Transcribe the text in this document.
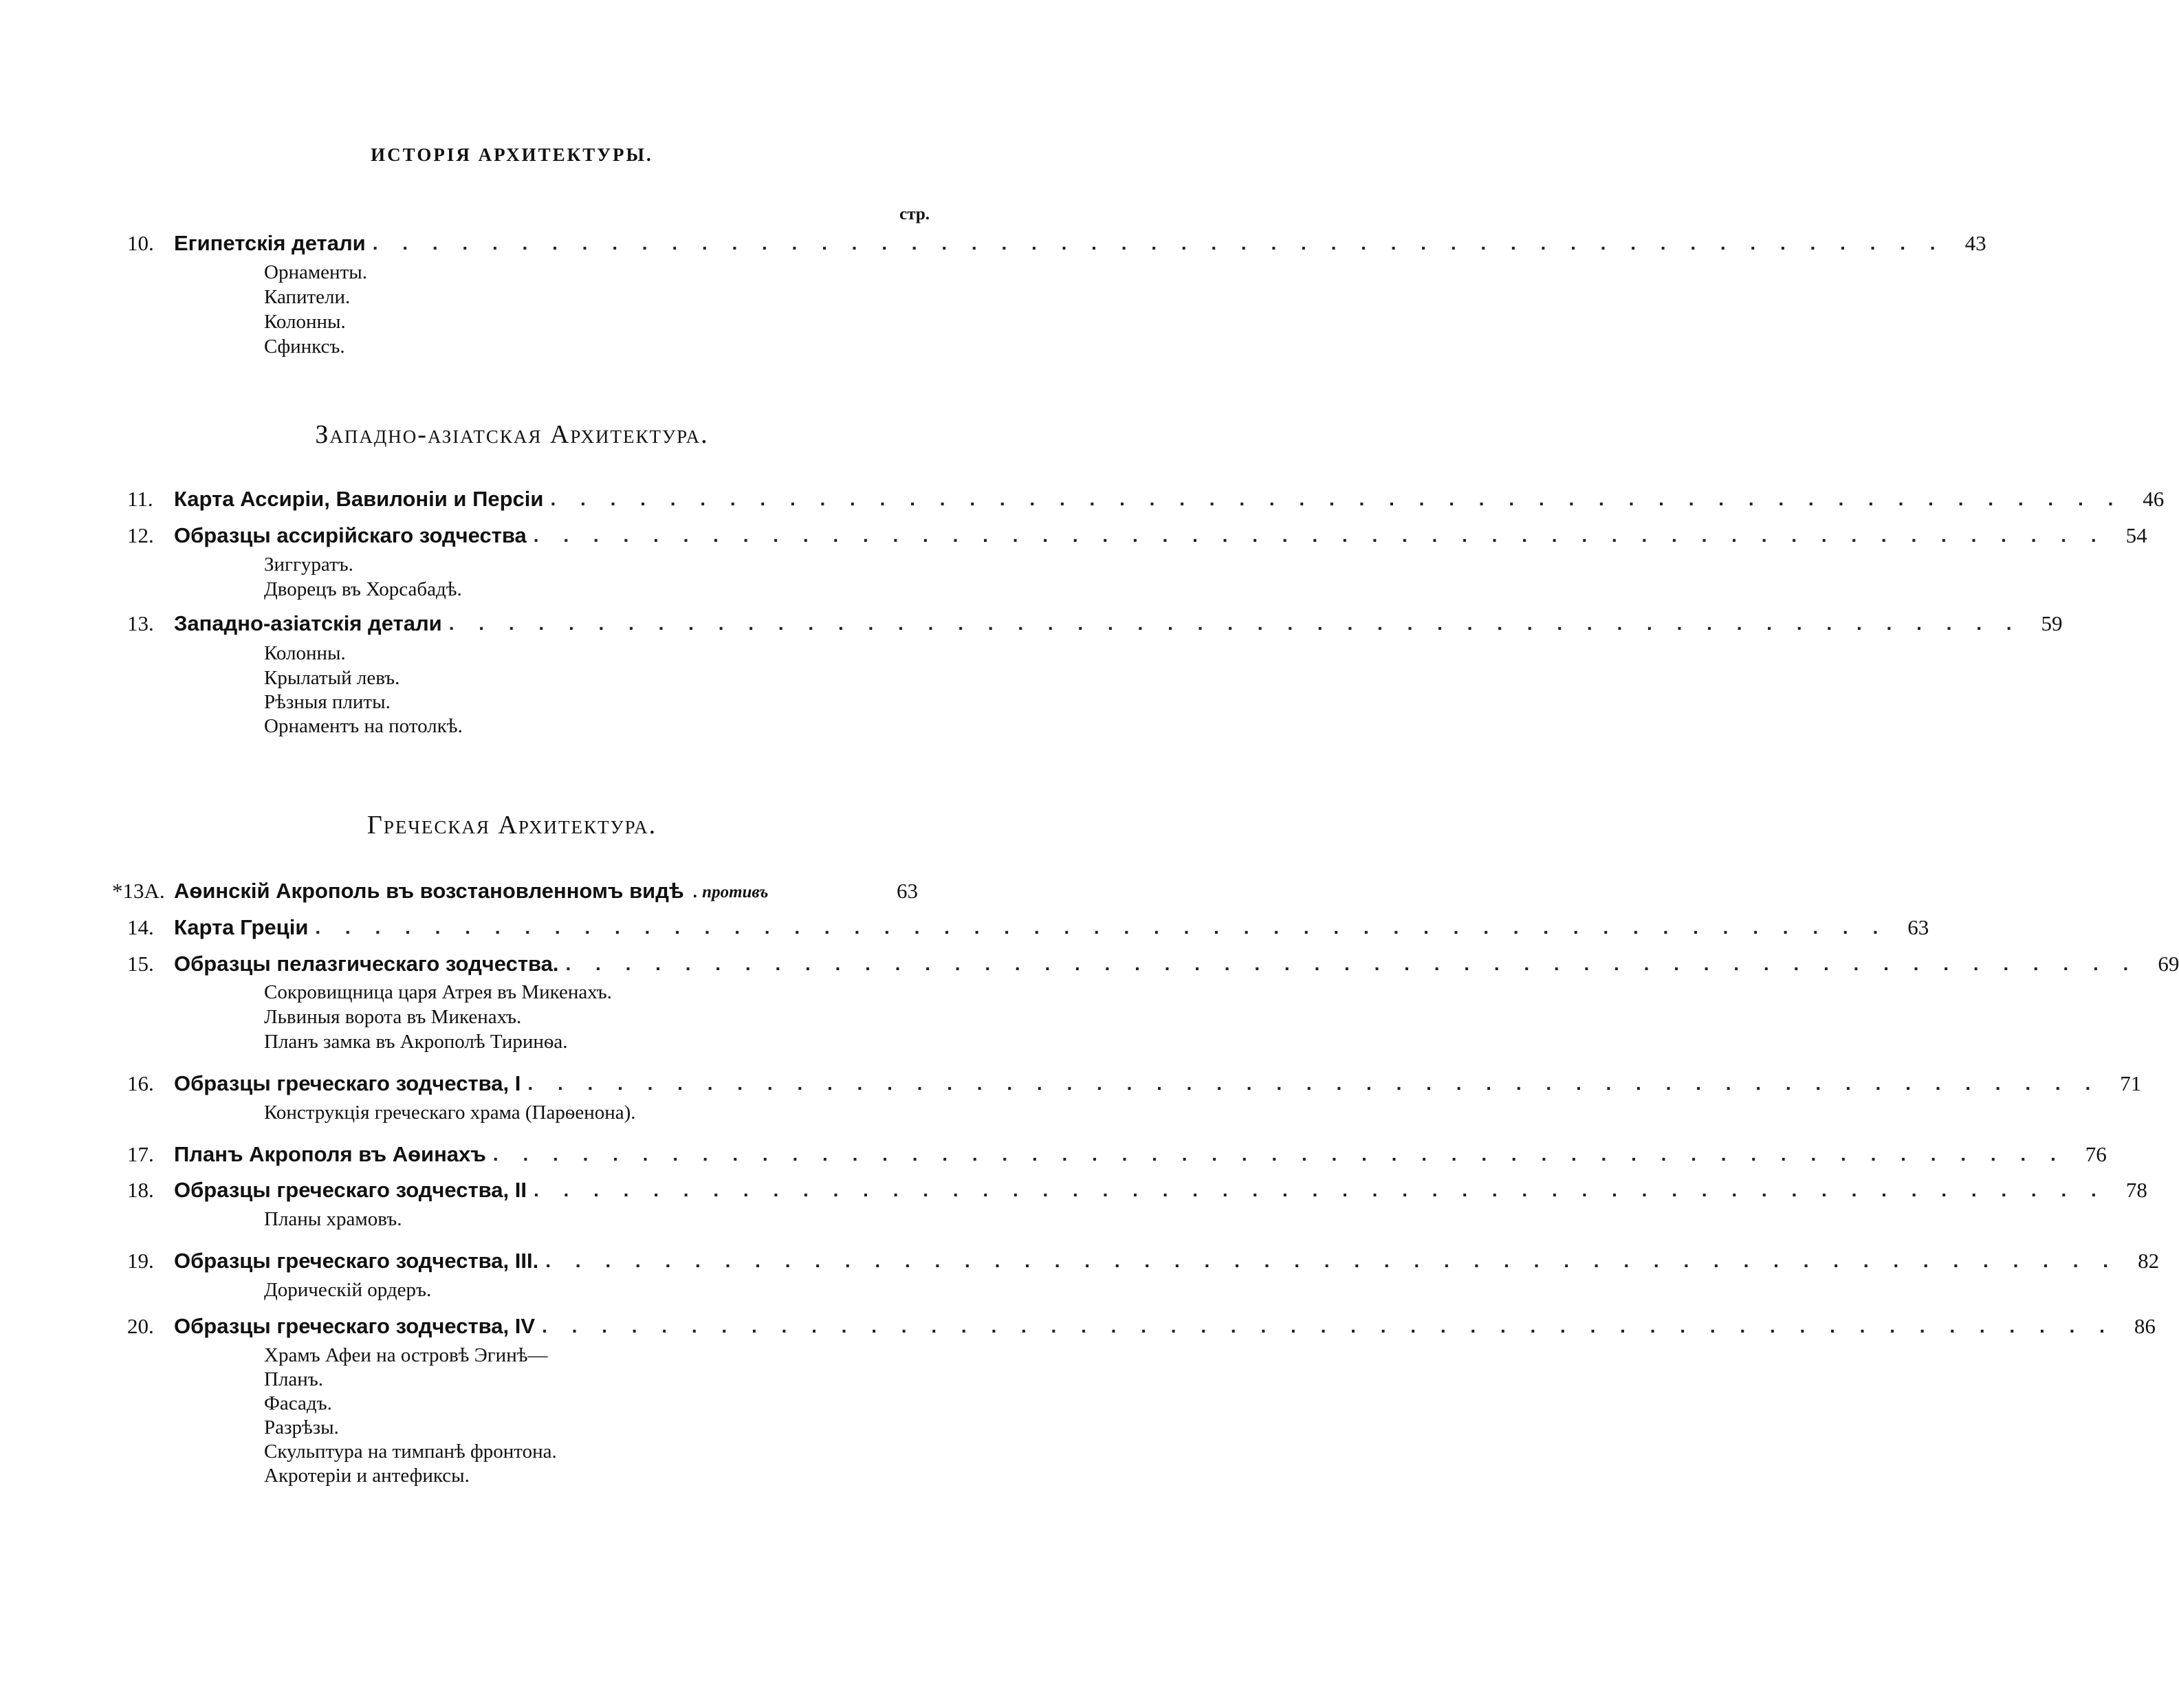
ИСТОРІЯ АРХИТЕКТУРЫ.
стр.
10. Египетскія детали . . . . . . . . . . . . . . . . . . . . . . . . . . . . . . . . . . . . . . . . . . . . . . . . . . . . . 43
Орнаменты.
Капители.
Колонны.
Сфинксъ.
Западно-азіатская Архитектура.
11. Карта Ассиріи, Вавилоніи и Персіи . . . . . . . . . . . . . . . . . . . . . . . . . . . . . . . . . . . . . . . . . . . . . . . . . . . . . 46
12. Образцы ассирійскаго зодчества . . . . . . . . . . . . . . . . . . . . . . . . . . . . . . . . . . . . . . . . . . . . . . . . . . . . . 54
Зиггуратъ.
Дворецъ въ Хорсабадѣ.
13. Западно-азіатскія детали . . . . . . . . . . . . . . . . . . . . . . . . . . . . . . . . . . . . . . . . . . . . . . . . . . . . . 59
Колонны.
Крылатый левъ.
Рѣзныя плиты.
Орнаментъ на потолкѣ.
Греческая Архитектура.
*13А. Аѳинскій Акрополь въ возстановленномъ видѣ . противъ	63
14. Карта Греціи . . . . . . . . . . . . . . . . . . . . . . . . . . . . . . . . . . . . . . . . . . . . . . . . . . . . . 63
15. Образцы пелазгическаго зодчества. . . . . . . . . . . . . . . . . . . . . . . . . . . . . . . . . . . . . . . . . . . . . . . . . . . . . . 69
Сокровищница царя Атрея въ Микенахъ.
Львиныя ворота въ Микенахъ.
Планъ замка въ Акрополѣ Тиринѳа.
16. Образцы греческаго зодчества, I . . . . . . . . . . . . . . . . . . . . . . . . . . . . . . . . . . . . . . . . . . . . . . . . . . . . . 71
Конструкція греческаго храма (Парѳенона).
17. Планъ Акрополя въ Аѳинахъ . . . . . . . . . . . . . . . . . . . . . . . . . . . . . . . . . . . . . . . . . . . . . . . . . . . . . 76
18. Образцы греческаго зодчества, II . . . . . . . . . . . . . . . . . . . . . . . . . . . . . . . . . . . . . . . . . . . . . . . . . . . . . 78
Планы храмовъ.
19. Образцы греческаго зодчества, III. . . . . . . . . . . . . . . . . . . . . . . . . . . . . . . . . . . . . . . . . . . . . . . . . . . . . . 82
Дорическій ордеръ.
20. Образцы греческаго зодчества, IV . . . . . . . . . . . . . . . . . . . . . . . . . . . . . . . . . . . . . . . . . . . . . . . . . . . . . 86
Храмъ Афеи на островѣ Эгинѣ—
Планъ.
Фасадъ.
Разрѣзы.
Скульптура на тимпанѣ фронтона.
Акротеріи и антефиксы.
